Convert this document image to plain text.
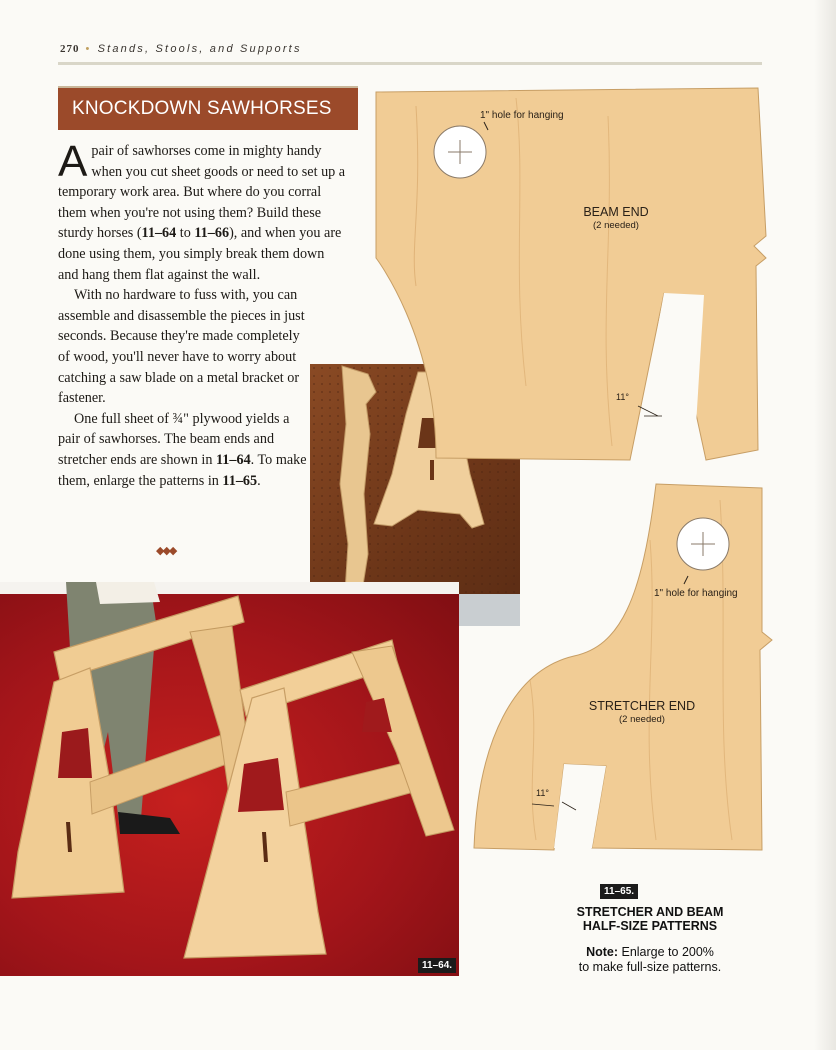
270 • Stands, Stools, and Supports
KNOCKDOWN SAWHORSES

A pair of sawhorses come in mighty handy when you cut sheet goods or need to set up a temporary work area. But where do you corral them when you're not using them? Build these sturdy horses (11–64 to 11–66), and when you are done using them, you simply break them down and hang them flat against the wall.

With no hardware to fuss with, you can assemble and disassemble the pieces in just seconds. Because they're made completely of wood, you'll never have to worry about catching a saw blade on a metal bracket or fastener.

One full sheet of ¾" plywood yields a pair of sawhorses. The beam ends and stretcher ends are shown in 11–64. To make them, enlarge the patterns in 11–65.

◆◆◆
11–64.
1" hole for hanging
BEAM END
(2 needed)
11°
1" hole for hanging
STRETCHER END
(2 needed)
11°
11–65.
STRETCHER AND BEAM
HALF-SIZE PATTERNS
Note: Enlarge to 200%
to make full-size patterns.
